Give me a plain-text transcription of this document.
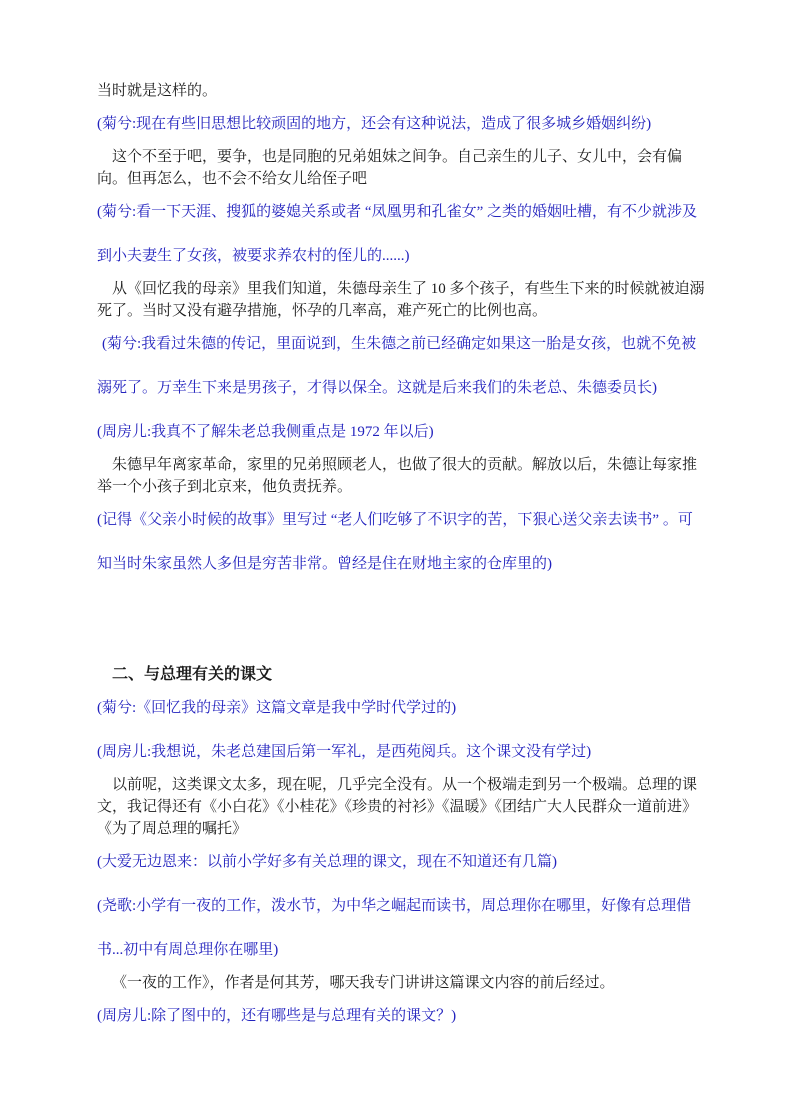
当时就是这样的。

(菊兮:现在有些旧思想比较顽固的地方，还会有这种说法，造成了很多城乡婚姻纠纷)

这个不至于吧，要争，也是同胞的兄弟姐妹之间争。自己亲生的儿子、女儿中，会有偏向。但再怎么，也不会不给女儿给侄子吧

(菊兮:看一下天涯、搜狐的婆媳关系或者 “凤凰男和孔雀女” 之类的婚姻吐槽，有不少就涉及到小夫妻生了女孩，被要求养农村的侄儿的......)

从《回忆我的母亲》里我们知道，朱德母亲生了 10 多个孩子，有些生下来的时候就被迫溺死了。当时又没有避孕措施，怀孕的几率高，难产死亡的比例也高。

(菊兮:我看过朱德的传记，里面说到，生朱德之前已经确定如果这一胎是女孩，也就不免被溺死了。万幸生下来是男孩子，才得以保全。这就是后来我们的朱老总、朱德委员长)

(周房儿:我真不了解朱老总我侧重点是 1972 年以后)

朱德早年离家革命，家里的兄弟照顾老人，也做了很大的贡献。解放以后，朱德让每家推举一个小孩子到北京来，他负责抚养。

(记得《父亲小时候的故事》里写过 “老人们吃够了不识字的苦，下狠心送父亲去读书” 。可知当时朱家虽然人多但是穷苦非常。曾经是住在财地主家的仓库里的)

二、与总理有关的课文

(菊兮:《回忆我的母亲》这篇文章是我中学时代学过的)

(周房儿:我想说，朱老总建国后第一军礼，是西苑阅兵。这个课文没有学过)

以前呢，这类课文太多，现在呢，几乎完全没有。从一个极端走到另一个极端。总理的课文，我记得还有《小白花》《小桂花》《珍贵的衬衫》《温暖》《团结广大人民群众一道前进》《为了周总理的嘱托》

(大爱无边恩来：以前小学好多有关总理的课文，现在不知道还有几篇)

(尧歌:小学有一夜的工作，泼水节，为中华之崛起而读书，周总理你在哪里，好像有总理借书...初中有周总理你在哪里)

《一夜的工作》，作者是何其芳，哪天我专门讲讲这篇课文内容的前后经过。

(周房儿:除了图中的，还有哪些是与总理有关的课文？)
